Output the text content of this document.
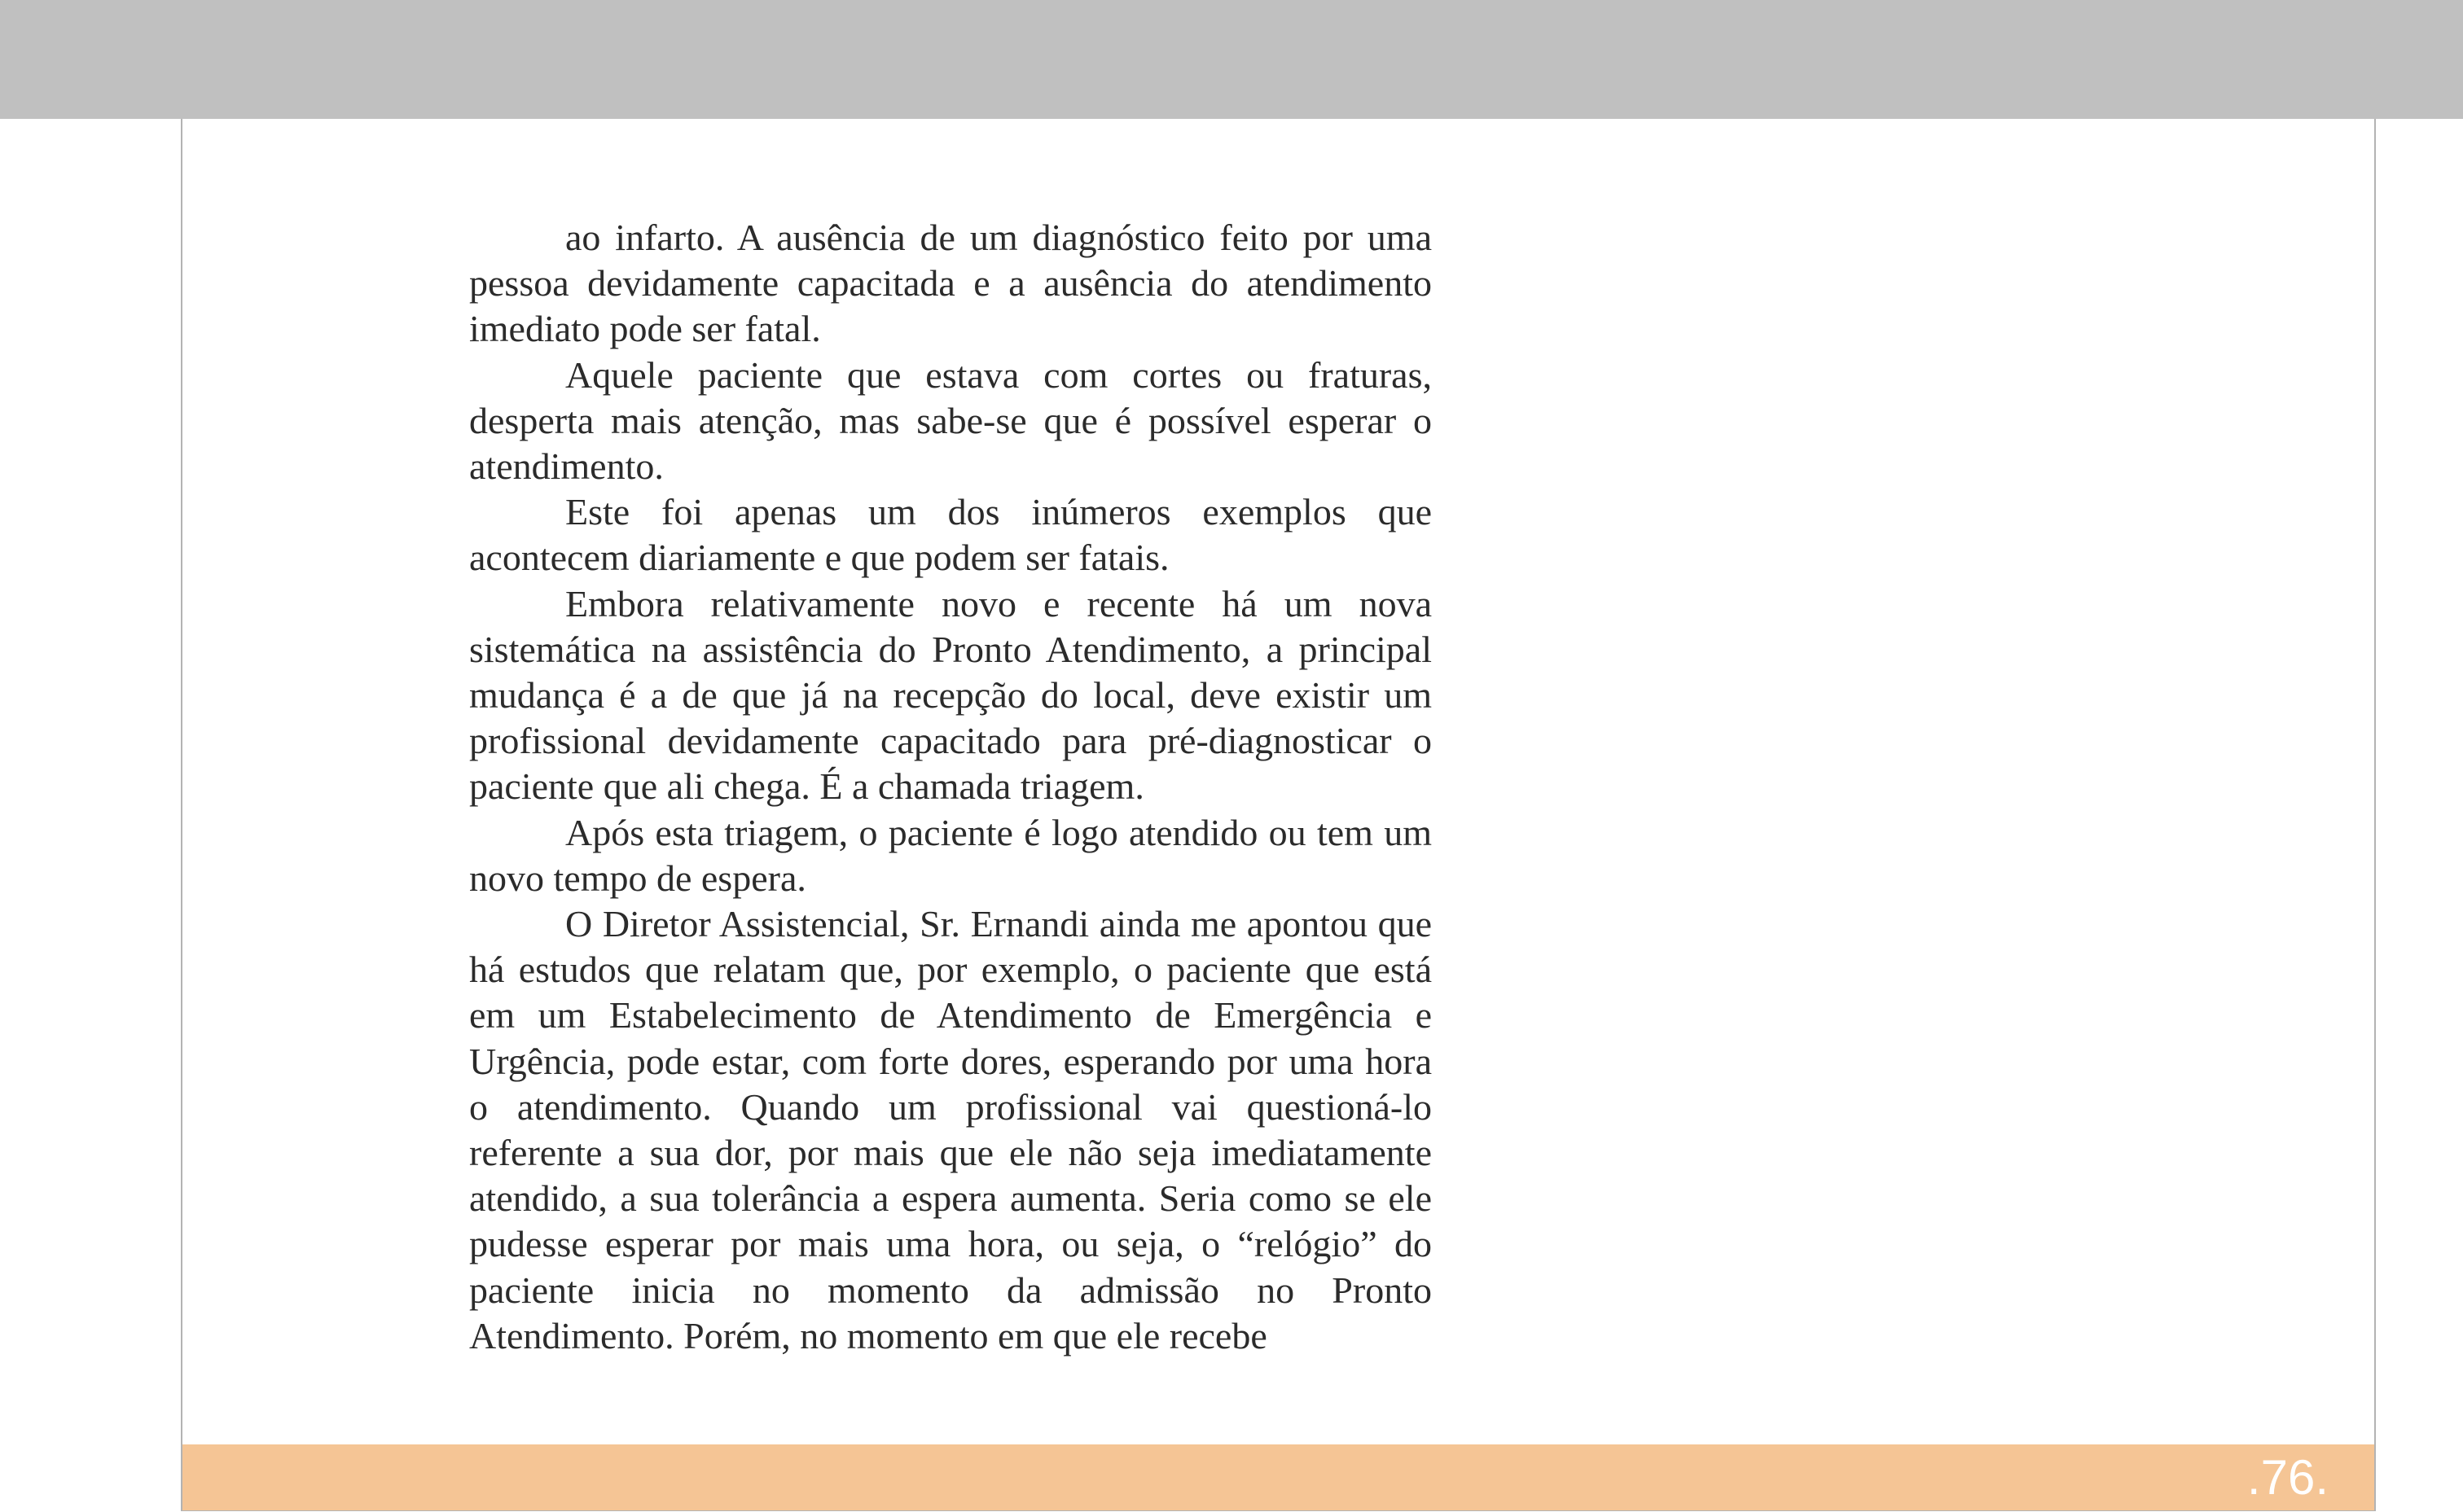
ao infarto. A ausência de um diagnóstico feito por uma pessoa devidamente capacitada e a ausência do atendimento imediato pode ser fatal.

Aquele paciente que estava com cortes ou fraturas, desperta mais atenção, mas sabe-se que é possível esperar o atendimento.

Este foi apenas um dos inúmeros exemplos que acontecem diariamente e que podem ser fatais.

Embora relativamente novo e recente há um nova sistemática na assistência do Pronto Atendimento, a principal mudança é a de que já na recepção do local, deve existir um profissional devidamente capacitado para pré-diagnosticar o paciente que ali chega. É a chamada triagem.

Após esta triagem, o paciente é logo atendido ou tem um novo tempo de espera.

O Diretor Assistencial, Sr. Ernandi ainda me apontou que há estudos que relatam que, por exemplo, o paciente que está em um Estabelecimento de Atendimento de Emergência e Urgência, pode estar, com forte dores, esperando por uma hora o atendimento. Quando um profissional vai questioná-lo referente a sua dor, por mais que ele não seja imediatamente atendido, a sua tolerância a espera aumenta. Seria como se ele pudesse esperar por mais uma hora, ou seja, o “relógio” do paciente inicia no momento da admissão no Pronto Atendimento. Porém, no momento em que ele recebe

.76.
